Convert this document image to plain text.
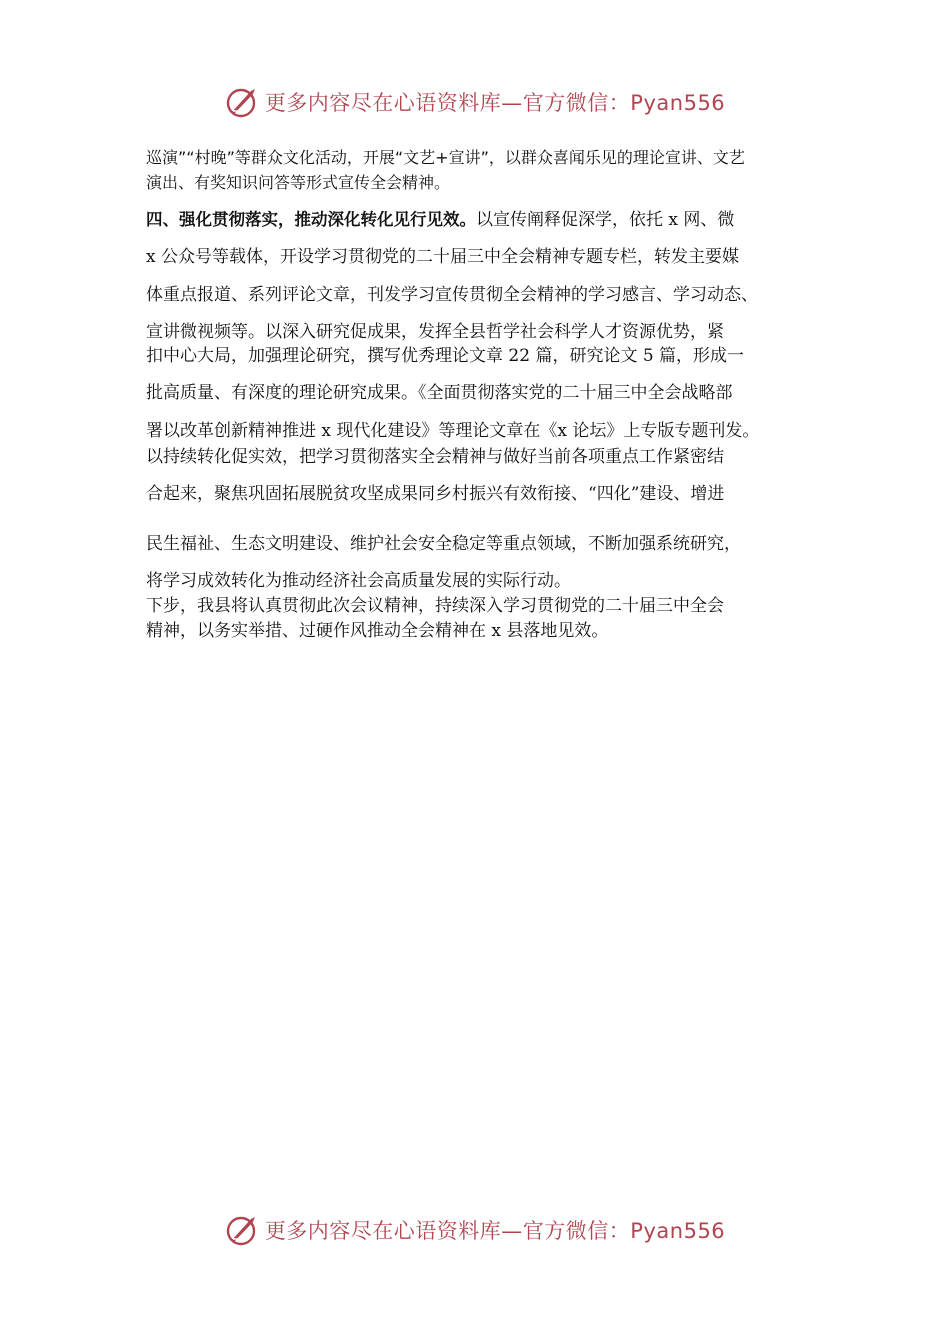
更多内容尽在心语资料库—官方微信：Pyan556
巡演”“村晚”等群众文化活动，开展“文艺+宣讲”，以群众喜闻乐见的理论宣讲、文艺
演出、有奖知识问答等形式宣传全会精神。
四、强化贯彻落实，推动深化转化见行见效。以宣传阐释促深学，依托 x 网、微
x 公众号等载体，开设学习贯彻党的二十届三中全会精神专题专栏，转发主要媒
体重点报道、系列评论文章，刊发学习宣传贯彻全会精神的学习感言、学习动态、
宣讲微视频等。以深入研究促成果，发挥全县哲学社会科学人才资源优势，紧
扣中心大局，加强理论研究，撰写优秀理论文章 22 篇，研究论文 5 篇，形成一
批高质量、有深度的理论研究成果。《全面贯彻落实党的二十届三中全会战略部
署以改革创新精神推进 x 现代化建设》等理论文章在《x 论坛》上专版专题刊发。
以持续转化促实效，把学习贯彻落实全会精神与做好当前各项重点工作紧密结
合起来，聚焦巩固拓展脱贫攻坚成果同乡村振兴有效衔接、“四化”建设、增进
民生福祉、生态文明建设、维护社会安全稳定等重点领域，不断加强系统研究，
将学习成效转化为推动经济社会高质量发展的实际行动。
下步，我县将认真贯彻此次会议精神，持续深入学习贯彻党的二十届三中全会
精神，以务实举措、过硬作风推动全会精神在 x 县落地见效。
更多内容尽在心语资料库—官方微信：Pyan556
